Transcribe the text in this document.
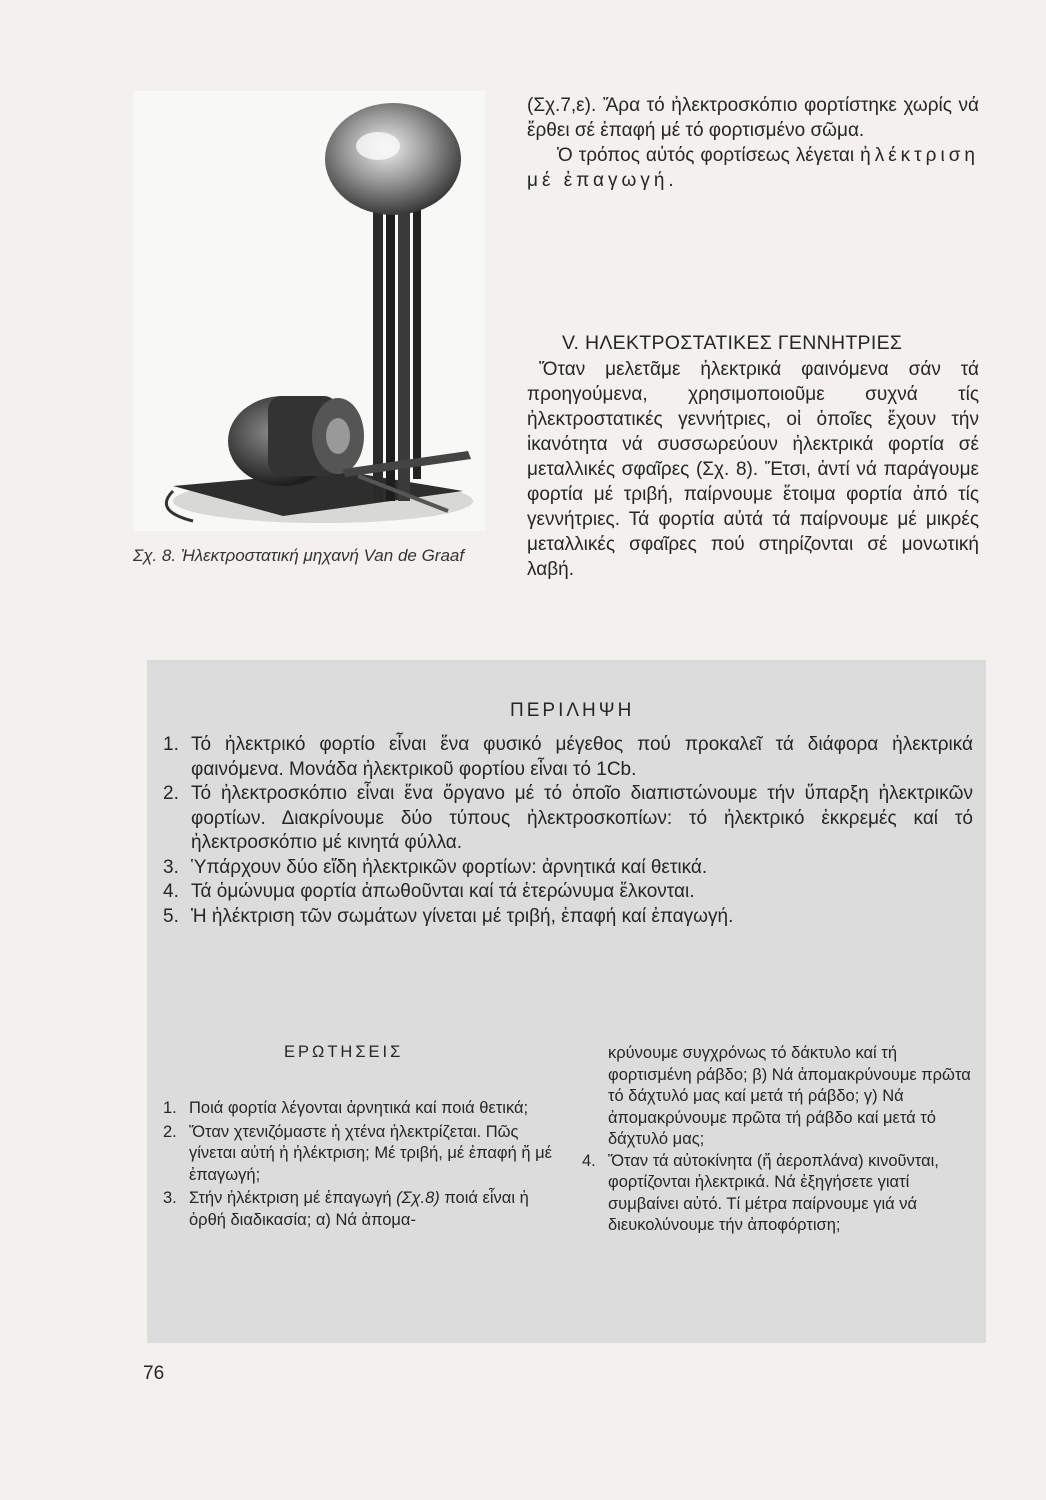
Σχ. 8. Ἠλεκτροστατική μηχανή Van de Graaf

(Σχ.7,ε). Ἄρα τό ἠλεκτροσκόπιο φορτίστηκε χωρίς νά ἔρθει σέ ἐπαφή μέ τό φορτισμένο σῶμα.

Ὁ τρόπος αὐτός φορτίσεως λέγεται ἠλέκτριση μέ ἐπαγωγή.

V. ΗΛΕΚΤΡΟΣΤΑΤΙΚΕΣ ΓΕΝΝΗΤΡΙΕΣ

Ὅταν μελετᾶμε ἠλεκτρικά φαινόμενα σάν τά προηγούμενα, χρησιμοποιοῦμε συχνά τίς ἠλεκτροστατικές γεννήτριες, οἱ ὁποῖες ἔχουν τήν ἱκανότητα νά συσσωρεύουν ἠλεκτρικά φορτία σέ μεταλλικές σφαῖρες (Σχ. 8). Ἔτσι, ἀντί νά παράγουμε φορτία μέ τριβή, παίρνουμε ἕτοιμα φορτία ἀπό τίς γεννήτριες. Τά φορτία αὐτά τά παίρνουμε μέ μικρές μεταλλικές σφαῖρες πού στηρίζονται σέ μονωτική λαβή.

ΠΕΡΙΛΗΨΗ
1. Τό ἠλεκτρικό φορτίο εἶναι ἕνα φυσικό μέγεθος πού προκαλεῖ τά διάφορα ἠλεκτρικά φαινόμενα. Μονάδα ἠλεκτρικοῦ φορτίου εἶναι τό 1Cb.
2. Τό ἠλεκτροσκόπιο εἶναι ἕνα ὄργανο μέ τό ὁποῖο διαπιστώνουμε τήν ὕπαρξη ἠλεκτρικῶν φορτίων. Διακρίνουμε δύο τύπους ἠλεκτροσκοπίων: τό ἠλεκτρικό ἐκκρεμές καί τό ἠλεκτροσκόπιο μέ κινητά φύλλα.
3. Ὑπάρχουν δύο εἴδη ἠλεκτρικῶν φορτίων: ἀρνητικά καί θετικά.
4. Τά ὁμώνυμα φορτία ἀπωθοῦνται καί τά ἑτερώνυμα ἕλκονται.
5. Ἡ ἠλέκτριση τῶν σωμάτων γίνεται μέ τριβή, ἐπαφή καί ἐπαγωγή.
ΕΡΩΤΗΣΕΙΣ
1. Ποιά φορτία λέγονται ἀρνητικά καί ποιά θετικά;
2. Ὅταν χτενιζόμαστε ἡ χτένα ἠλεκτρίζεται. Πῶς γίνεται αὐτή ἡ ἠλέκτριση; Μέ τριβή, μέ ἐπαφή ἤ μέ ἐπαγωγή;
3. Στήν ἠλέκτριση μέ ἐπαγωγή (Σχ.8) ποιά εἶναι ἡ ὀρθή διαδικασία; α) Νά ἀπομα-
κρύνουμε συγχρόνως τό δάκτυλο καί τή φορτισμένη ράβδο; β) Νά ἀπομακρύνουμε πρῶτα τό δάχτυλό μας καί μετά τή ράβδο; γ) Νά ἀπομακρύνουμε πρῶτα τή ράβδο καί μετά τό δάχτυλό μας;
4. Ὅταν τά αὐτοκίνητα (ἤ ἀεροπλάνα) κινοῦνται, φορτίζονται ἠλεκτρικά. Νά ἐξηγήσετε γιατί συμβαίνει αὐτό. Τί μέτρα παίρνουμε γιά νά διευκολύνουμε τήν ἀποφόρτιση;
76
